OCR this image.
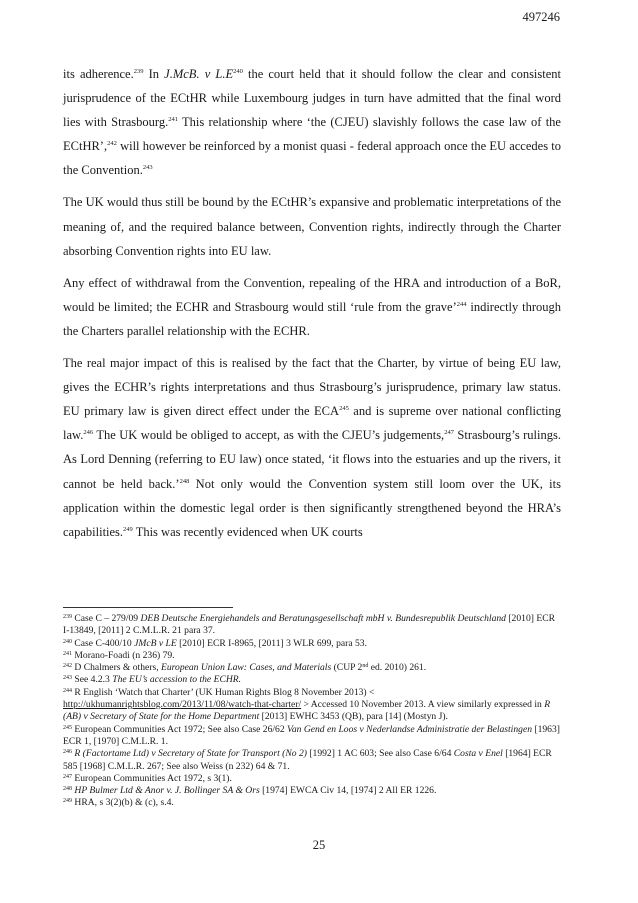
497246

its adherence.$^{239}$ In J.McB. v $L.E^{240}$ the court held that it should follow the clear and consistent jurisprudence of the ECtHR while Luxembourg judges in turn have admitted that the final word lies with Strasbourg.$^{241}$ This relationship where ‘the (CJEU) slavishly follows the case law of the ECtHR’,$^{242}$ will however be reinforced by a monist quasi - federal approach once the EU accedes to the Convention.$^{243}$

The UK would thus still be bound by the ECtHR’s expansive and problematic interpretations of the meaning of, and the required balance between, Convention rights, indirectly through the Charter absorbing Convention rights into EU law.

Any effect of withdrawal from the Convention, repealing of the HRA and introduction of a BoR, would be limited; the ECHR and Strasbourg would still ‘rule from the grave’$^{244}$ indirectly through the Charters parallel relationship with the ECHR.

The real major impact of this is realised by the fact that the Charter, by virtue of being EU law, gives the ECHR’s rights interpretations and thus Strasbourg’s jurisprudence, primary law status. EU primary law is given direct effect under the ECA$^{245}$ and is supreme over national conflicting law.$^{246}$ The UK would be obliged to accept, as with the CJEU’s judgements,$^{247}$ Strasbourg’s rulings. As Lord Denning (referring to EU law) once stated, ‘it flows into the estuaries and up the rivers, it cannot be held back.’$^{248}$ Not only would the Convention system still loom over the UK, its application within the domestic legal order is then significantly strengthened beyond the HRA’s capabilities.$^{249}$ This was recently evidenced when UK courts

$^{239}$ Case C – 279/09 DEB Deutsche Energiehandels and Beratungsgesellschaft mbH v. Bundesrepublik Deutschland [2010] ECR I-13849, [2011] 2 C.M.L.R. 21 para 37.

$^{240}$ Case C-400/10 JMcB v LE [2010] ECR I-8965, [2011] 3 WLR 699, para 53.

$^{241}$ Morano-Foadi (n 236) 79.

$^{242}$ D Chalmers & others, European Union Law: Cases, and Materials (CUP 2nd ed. 2010) 261.

$^{243}$ See 4.2.3 The EU’s accession to the ECHR.

$^{244}$ R English ‘Watch that Charter’ (UK Human Rights Blog 8 November 2013) < http://ukhumanrightsblog.com/2013/11/08/watch-that-charter/ > Accessed 10 November 2013. A view similarly expressed in R (AB) v Secretary of State for the Home Department [2013] EWHC 3453 (QB), para [14] (Mostyn J).

$^{245}$ European Communities Act 1972; See also Case 26/62 Van Gend en Loos v Nederlandse Administratie der Belastingen [1963] ECR 1, [1970] C.M.L.R. 1.

$^{246}$ R (Factortame Ltd) v Secretary of State for Transport (No 2) [1992] 1 AC 603; See also Case 6/64 Costa v Enel [1964] ECR 585 [1968] C.M.L.R. 267; See also Weiss (n 232) 64 & 71.

$^{247}$ European Communities Act 1972, s 3(1).

$^{248}$ HP Bulmer Ltd & Anor v. J. Bollinger SA & Ors [1974] EWCA Civ 14, [1974] 2 All ER 1226.

$^{249}$ HRA, s 3(2)(b) & (c), s.4.

25
